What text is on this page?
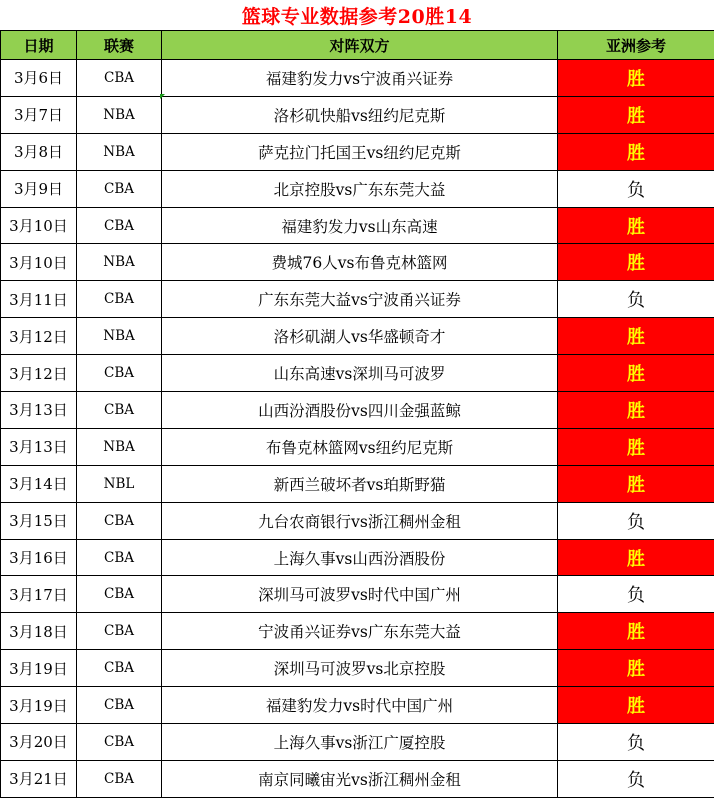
篮球专业数据参考20胜14
日期	联赛	对阵双方	亚洲参考
3月6日	CBA	福建豹发力vs宁波甬兴证券	胜
3月7日	NBA	洛杉矶快船vs纽约尼克斯	胜
3月8日	NBA	萨克拉门托国王vs纽约尼克斯	胜
3月9日	CBA	北京控股vs广东东莞大益	负
3月10日	CBA	福建豹发力vs山东高速	胜
3月10日	NBA	费城76人vs布鲁克林篮网	胜
3月11日	CBA	广东东莞大益vs宁波甬兴证券	负
3月12日	NBA	洛杉矶湖人vs华盛顿奇才	胜
3月12日	CBA	山东高速vs深圳马可波罗	胜
3月13日	CBA	山西汾酒股份vs四川金强蓝鲸	胜
3月13日	NBA	布鲁克林篮网vs纽约尼克斯	胜
3月14日	NBL	新西兰破坏者vs珀斯野猫	胜
3月15日	CBA	九台农商银行vs浙江稠州金租	负
3月16日	CBA	上海久事vs山西汾酒股份	胜
3月17日	CBA	深圳马可波罗vs时代中国广州	负
3月18日	CBA	宁波甬兴证券vs广东东莞大益	胜
3月19日	CBA	深圳马可波罗vs北京控股	胜
3月19日	CBA	福建豹发力vs时代中国广州	胜
3月20日	CBA	上海久事vs浙江广厦控股	负
3月21日	CBA	南京同曦宙光vs浙江稠州金租	负
